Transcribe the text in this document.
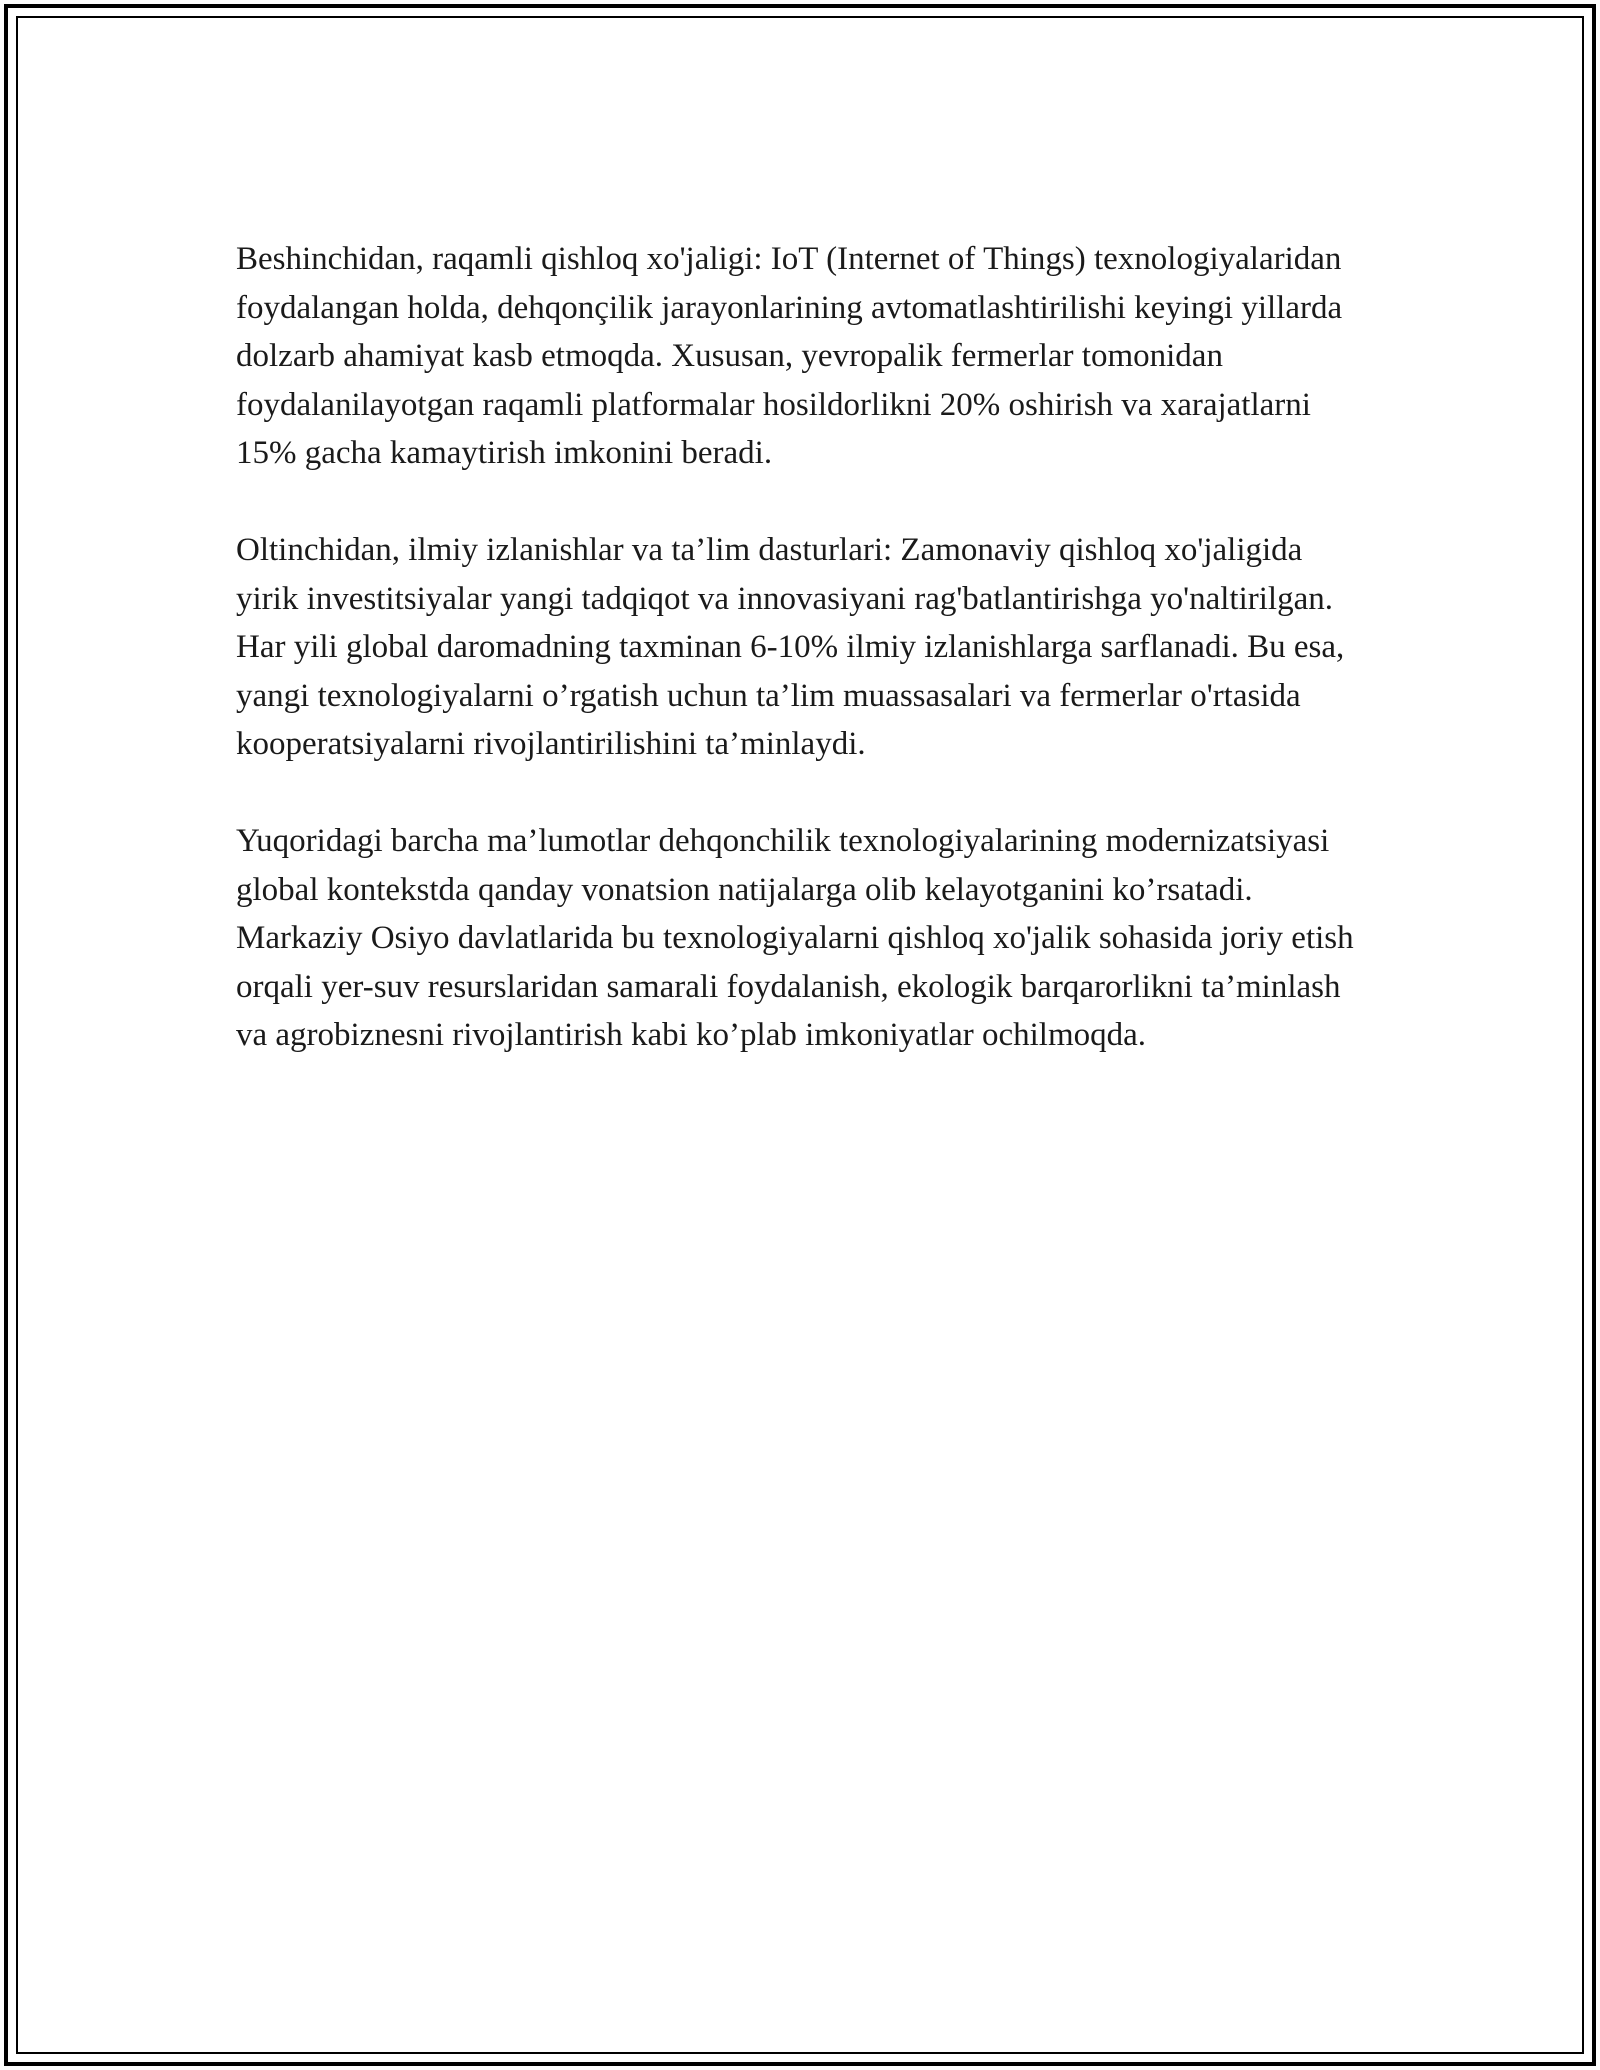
Beshinchidan, raqamli qishloq xo'jaligi: IoT (Internet of Things) texnologiyalaridan foydalangan holda, dehqonçilik jarayonlarining avtomatlashtirilishi keyingi yillarda dolzarb ahamiyat kasb etmoqda. Xususan, yevropalik fermerlar tomonidan foydalanilayotgan raqamli platformalar hosildorlikni 20% oshirish va xarajatlarni 15% gacha kamaytirish imkonini beradi.

Oltinchidan, ilmiy izlanishlar va ta’lim dasturlari: Zamonaviy qishloq xo'jaligida yirik investitsiyalar yangi tadqiqot va innovasiyani rag'batlantirishga yo'naltirilgan. Har yili global daromadning taxminan 6-10% ilmiy izlanishlarga sarflanadi. Bu esa, yangi texnologiyalarni o’rgatish uchun ta’lim muassasalari va fermerlar o'rtasida kooperatsiyalarni rivojlantirilishini ta’minlaydi.

Yuqoridagi barcha ma’lumotlar dehqonchilik texnologiyalarining modernizatsiyasi global kontekstda qanday vonatsion natijalarga olib kelayotganini ko’rsatadi. Markaziy Osiyo davlatlarida bu texnologiyalarni qishloq xo'jalik sohasida joriy etish orqali yer-suv resurslaridan samarali foydalanish, ekologik barqarorlikni ta’minlash va agrobiznesni rivojlantirish kabi ko’plab imkoniyatlar ochilmoqda.
